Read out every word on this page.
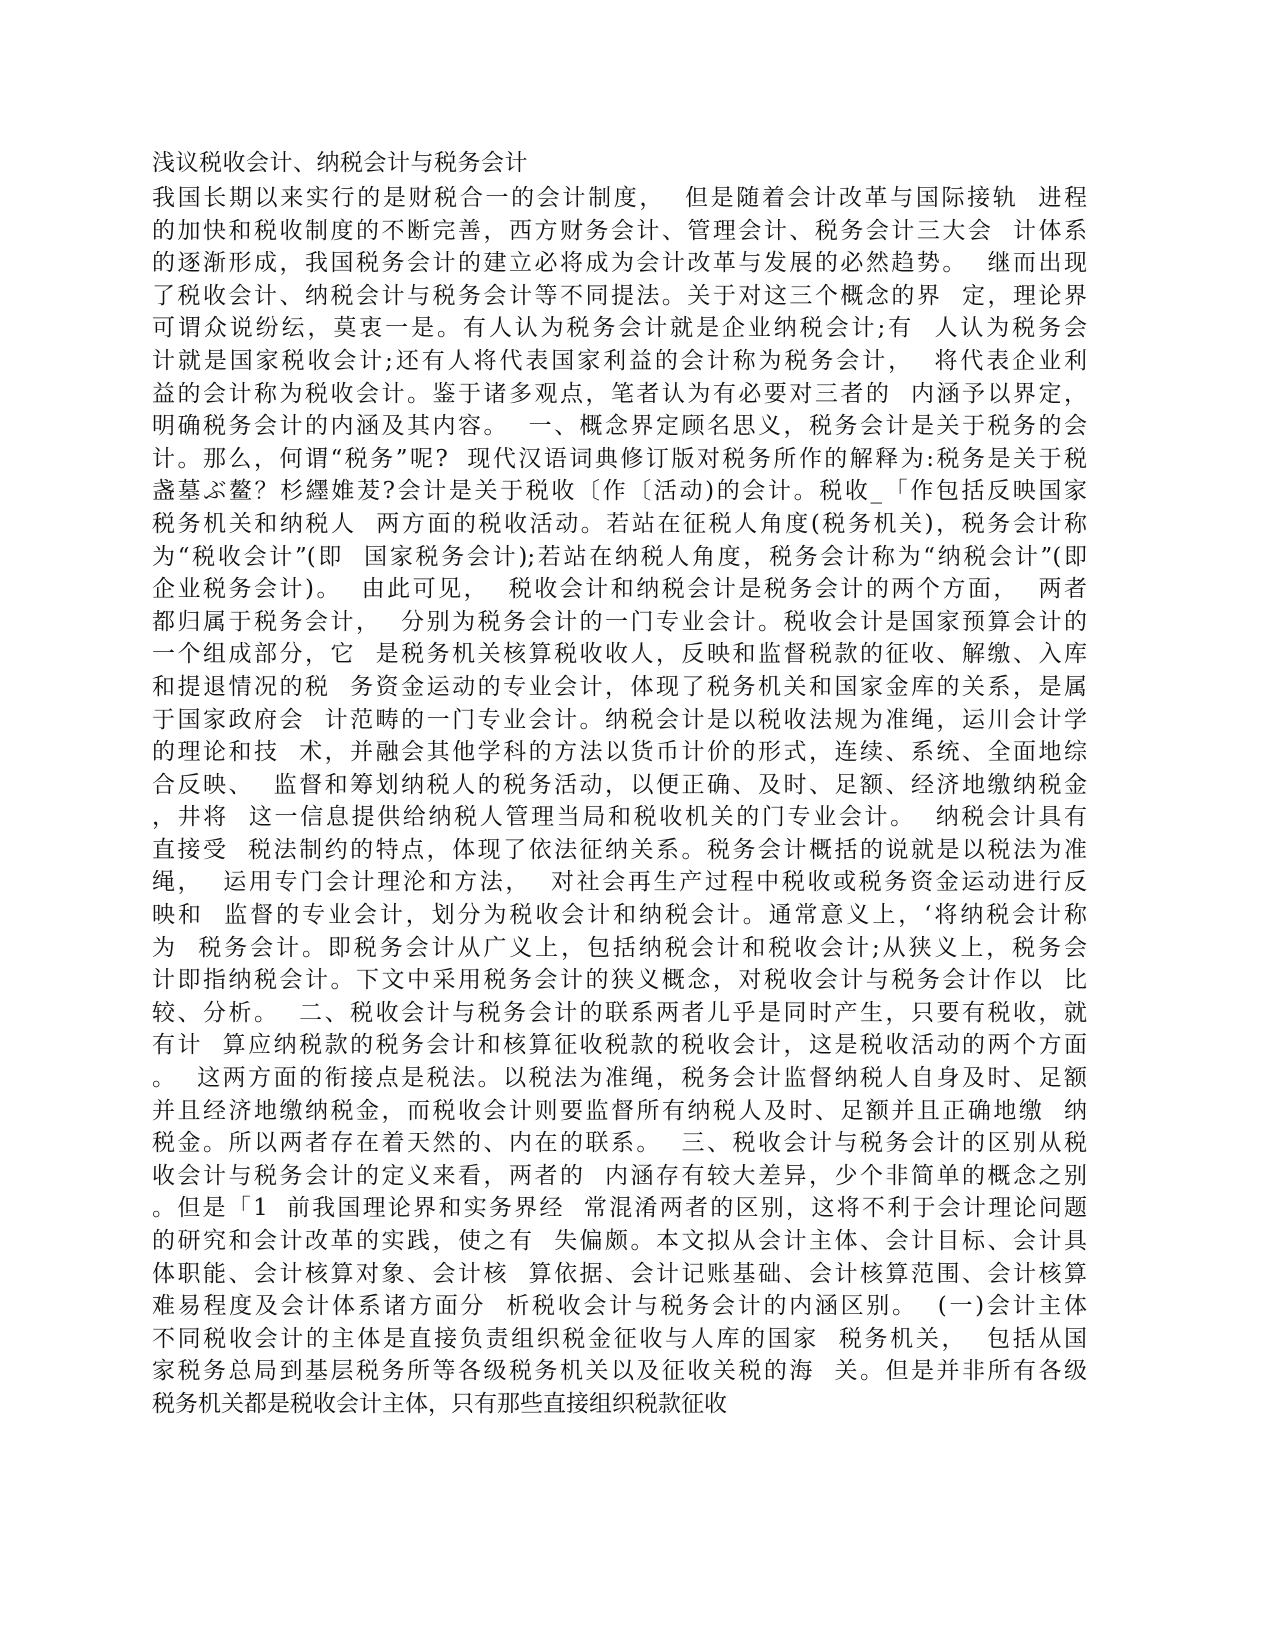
浅议税收会计、纳税会计与税务会计
我国长期以来实行的是财税合一的会计制度，  但是随着会计改革与国际接轨  进程
的加快和税收制度的不断完善，西方财务会计、管理会计、税务会计三大会  计体系
的逐渐形成，我国税务会计的建立必将成为会计改革与发展的必然趋势。  继而出现
了税收会计、纳税会计与税务会计等不同提法。关于对这三个概念的界  定，理论界
可谓众说纷纭，莫衷一是。有人认为税务会计就是企业纳税会计;有  人认为税务会
计就是国家税收会计;还有人将代表国家利益的会计称为税务会计，  将代表企业利
益的会计称为税收会计。鉴于诸多观点，笔者认为有必要对三者的  内涵予以界定，
明确税务会计的内涵及其内容。  一、概念界定顾名思义，税务会计是关于税务的会
计。那么，何谓“税务”呢?  现代汉语词典修订版对税务所作的解释为:税务是关于税
盏墓ぶ鳌？杉纆婎茇?会计是关于税收〔作〔活动)的会计。税收_「作包括反映国家
税务机关和纳税人  两方面的税收活动。若站在征税人角度(税务机关)，税务会计称
为“税收会计”(即  国家税务会计);若站在纳税人角度，税务会计称为“纳税会计”(即
企业税务会计)。  由此可见，  税收会计和纳税会计是税务会计的两个方面，  两者
都归属于税务会计，  分别为税务会计的一门专业会计。税收会计是国家预算会计的
一个组成部分，它  是税务机关核算税收收人，反映和监督税款的征收、解缴、入库
和提退情况的税  务资金运动的专业会计，体现了税务机关和国家金库的关系，是属
于国家政府会  计范畴的一门专业会计。纳税会计是以税收法规为准绳，运川会计学
的理论和技  术，并融会其他学科的方法以货币计价的形式，连续、系统、全面地综
合反映、  监督和筹划纳税人的税务活动，以便正确、及时、足额、经济地缴纳税金
，井将  这一信息提供给纳税人管理当局和税收机关的门专业会计。  纳税会计具有
直接受  税法制约的特点，体现了依法征纳关系。税务会计概括的说就是以税法为准
绳，  运用专门会计理沦和方法，  对社会再生产过程中税收或税务资金运动进行反
映和  监督的专业会计，划分为税收会计和纳税会计。通常意义上，‘将纳税会计称
为  税务会计。即税务会计从广义上，包括纳税会计和税收会计;从狭义上，税务会
计即指纳税会计。下文中采用税务会计的狭义概念，对税收会计与税务会计作以  比
较、分析。  二、税收会计与税务会计的联系两者儿乎是同时产生，只要有税收，就
有计  算应纳税款的税务会计和核算征收税款的税收会计，这是税收活动的两个方面
。  这两方面的衔接点是税法。以税法为准绳，税务会计监督纳税人自身及时、足额
并且经济地缴纳税金，而税收会计则要监督所有纳税人及时、足额并且正确地缴  纳
税金。所以两者存在着天然的、内在的联系。  三、税收会计与税务会计的区别从税
收会计与税务会计的定义来看，两者的  内涵存有较大差异，少个非简单的概念之别
。但是「1  前我国理论界和实务界经  常混淆两者的区别，这将不利于会计理论问题
的研究和会计改革的实践，使之有  失偏颇。本文拟从会计主体、会计目标、会计具
体职能、会计核算对象、会计核  算依据、会计记账基础、会计核算范围、会计核算
难易程度及会计体系诸方面分  析税收会计与税务会计的内涵区别。  (一)会计主体
不同税收会计的主体是直接负责组织税金征收与人库的国家  税务机关，  包括从国
家税务总局到基层税务所等各级税务机关以及征收关税的海  关。但是并非所有各级
税务机关都是税收会计主体，只有那些直接组织税款征收
